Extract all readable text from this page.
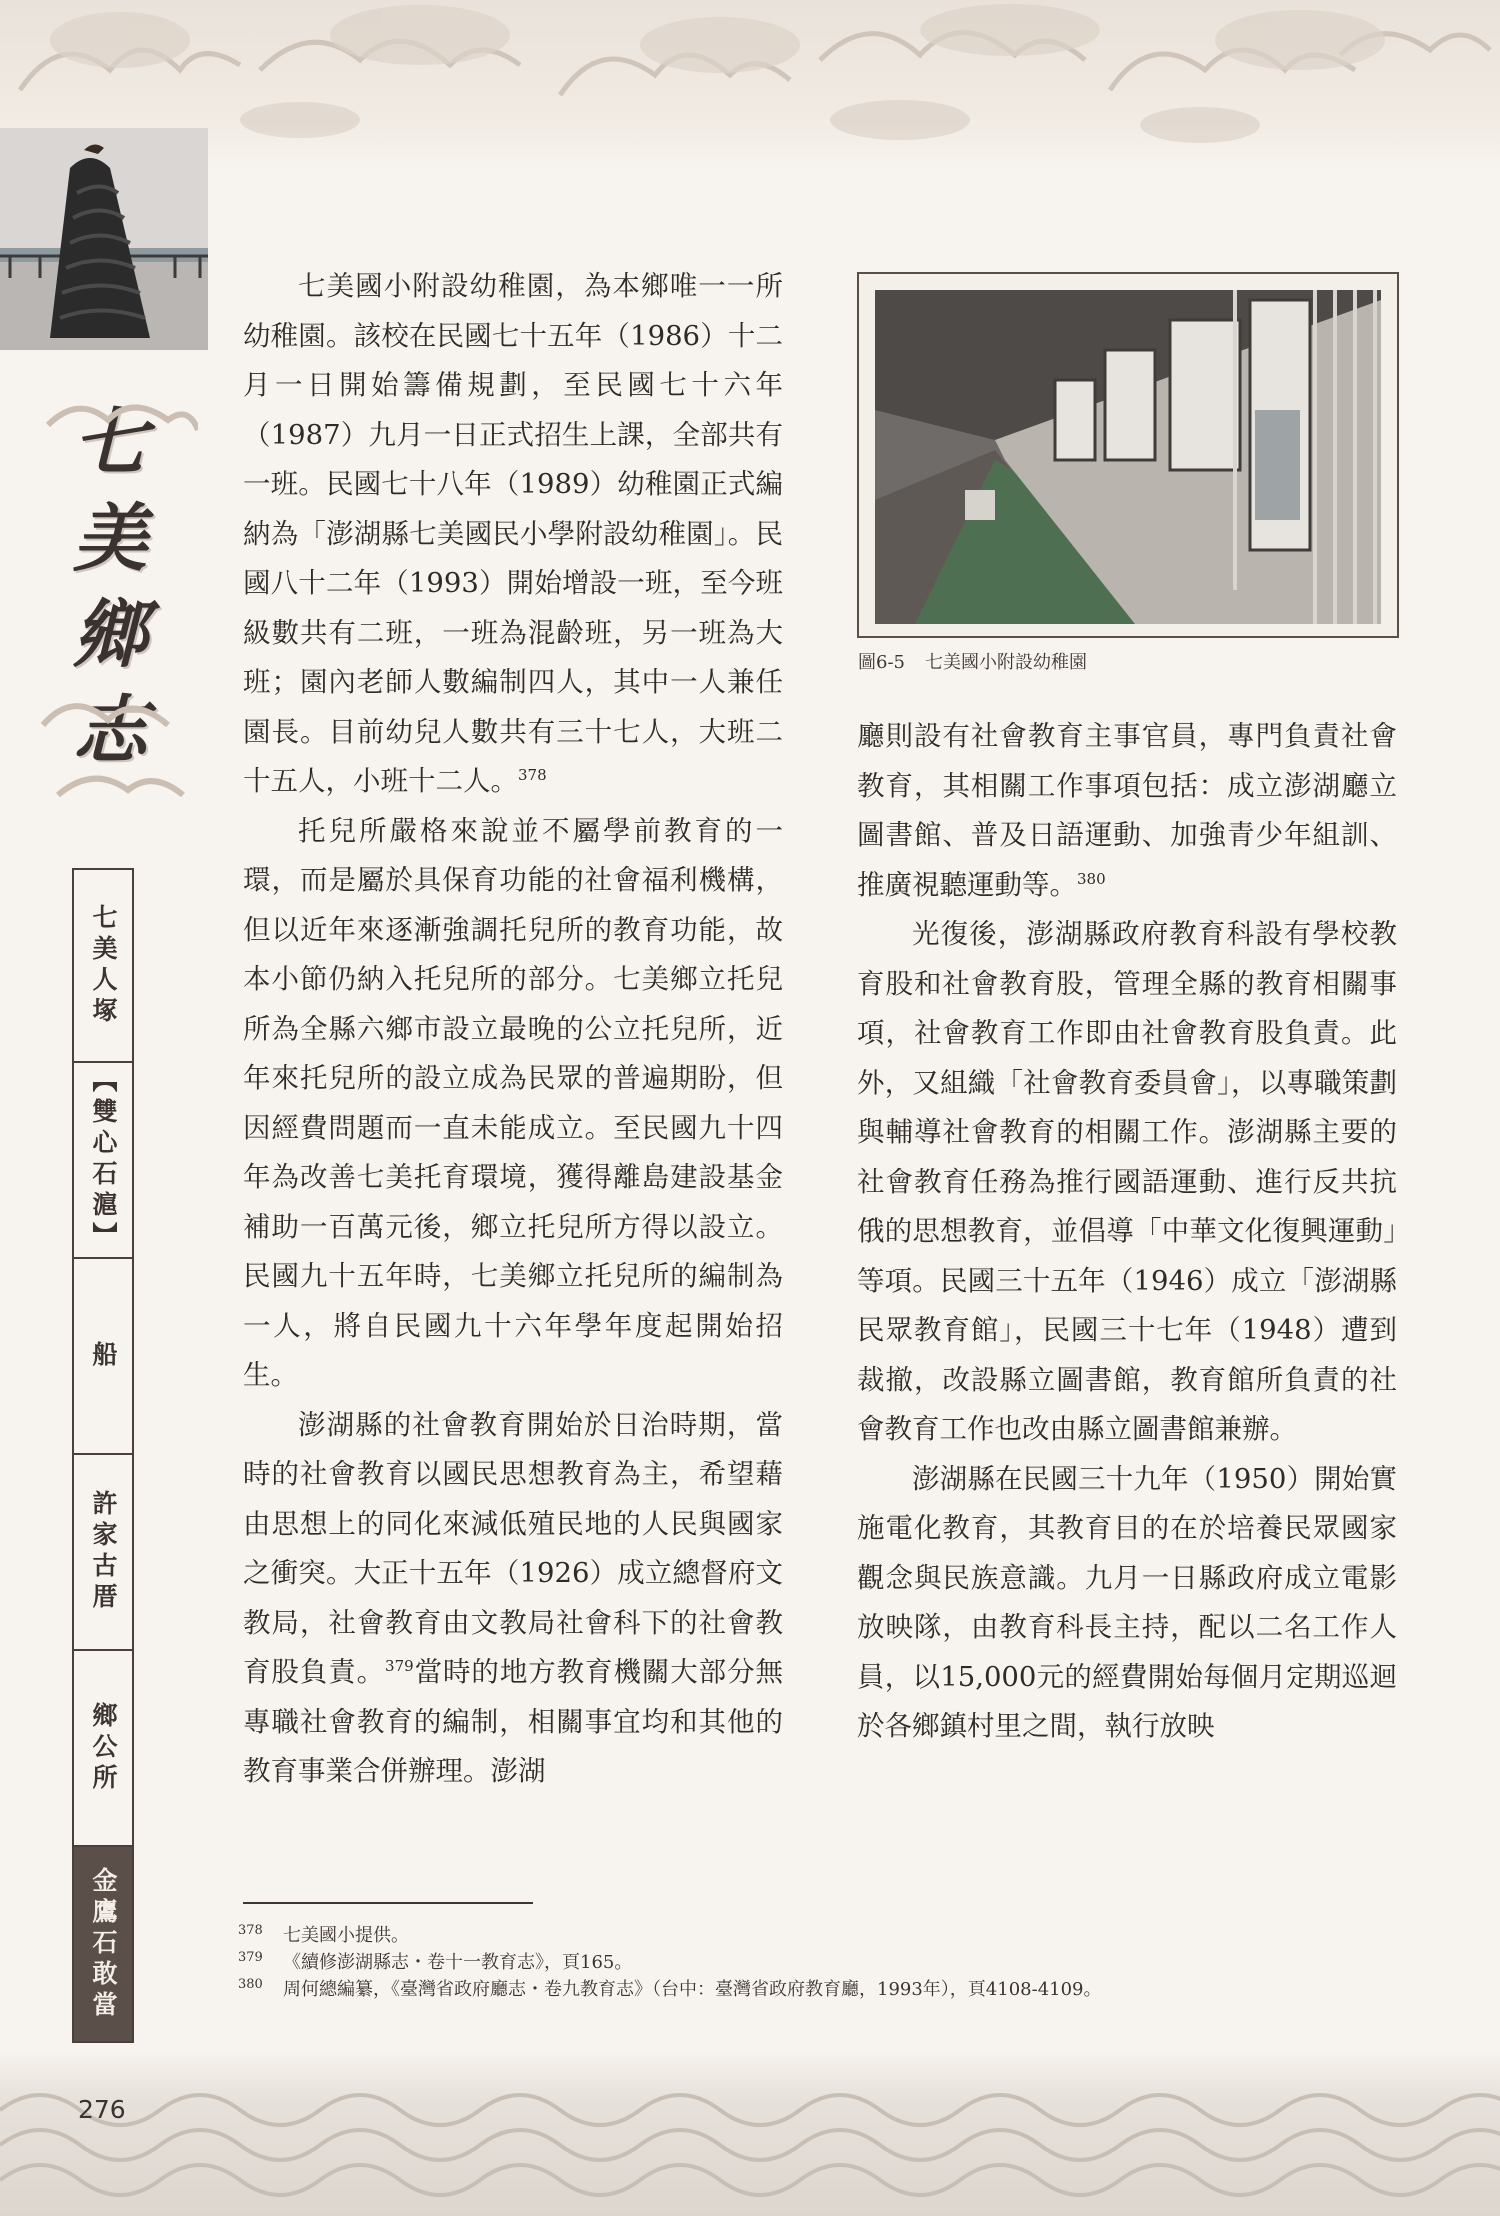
七
美
鄉
志
七美人塚
【雙心石滬】
船
許家古厝
鄉公所
金鷹石敢當

七美國小附設幼稚園，為本鄉唯一一所幼稚園。該校在民國七十五年（1986）十二月一日開始籌備規劃，至民國七十六年（1987）九月一日正式招生上課，全部共有一班。民國七十八年（1989）幼稚園正式編納為「澎湖縣七美國民小學附設幼稚園」。民國八十二年（1993）開始增設一班，至今班級數共有二班，一班為混齡班，另一班為大班；園內老師人數編制四人，其中一人兼任園長。目前幼兒人數共有三十七人，大班二十五人，小班十二人。$^{378}$

托兒所嚴格來說並不屬學前教育的一環，而是屬於具保育功能的社會福利機構，但以近年來逐漸強調托兒所的教育功能，故本小節仍納入托兒所的部分。七美鄉立托兒所為全縣六鄉市設立最晚的公立托兒所，近年來托兒所的設立成為民眾的普遍期盼，但因經費問題而一直未能成立。至民國九十四年為改善七美托育環境，獲得離島建設基金補助一百萬元後，鄉立托兒所方得以設立。民國九十五年時，七美鄉立托兒所的編制為一人，將自民國九十六年學年度起開始招生。

澎湖縣的社會教育開始於日治時期，當時的社會教育以國民思想教育為主，希望藉由思想上的同化來減低殖民地的人民與國家之衝突。大正十五年（1926）成立總督府文教局，社會教育由文教局社會科下的社會教育股負責。$^{379}$當時的地方教育機關大部分無專職社會教育的編制，相關事宜均和其他的教育事業合併辦理。澎湖

圖6-5 七美國小附設幼稚園

廳則設有社會教育主事官員，專門負責社會教育，其相關工作事項包括：成立澎湖廳立圖書館、普及日語運動、加強青少年組訓、推廣視聽運動等。$^{380}$

光復後，澎湖縣政府教育科設有學校教育股和社會教育股，管理全縣的教育相關事項，社會教育工作即由社會教育股負責。此外，又組織「社會教育委員會」，以專職策劃與輔導社會教育的相關工作。澎湖縣主要的社會教育任務為推行國語運動、進行反共抗俄的思想教育，並倡導「中華文化復興運動」等項。民國三十五年（1946）成立「澎湖縣民眾教育館」，民國三十七年（1948）遭到裁撤，改設縣立圖書館，教育館所負責的社會教育工作也改由縣立圖書館兼辦。

澎湖縣在民國三十九年（1950）開始實施電化教育，其教育目的在於培養民眾國家觀念與民族意識。九月一日縣政府成立電影放映隊，由教育科長主持，配以二名工作人員，以15,000元的經費開始每個月定期巡迴於各鄉鎮村里之間，執行放映

378	七美國小提供。
379	《續修澎湖縣志・卷十一教育志》，頁165。
380	周何總編纂，《臺灣省政府廳志・卷九教育志》（台中：臺灣省政府教育廳，1993年），頁4108-4109。
276
